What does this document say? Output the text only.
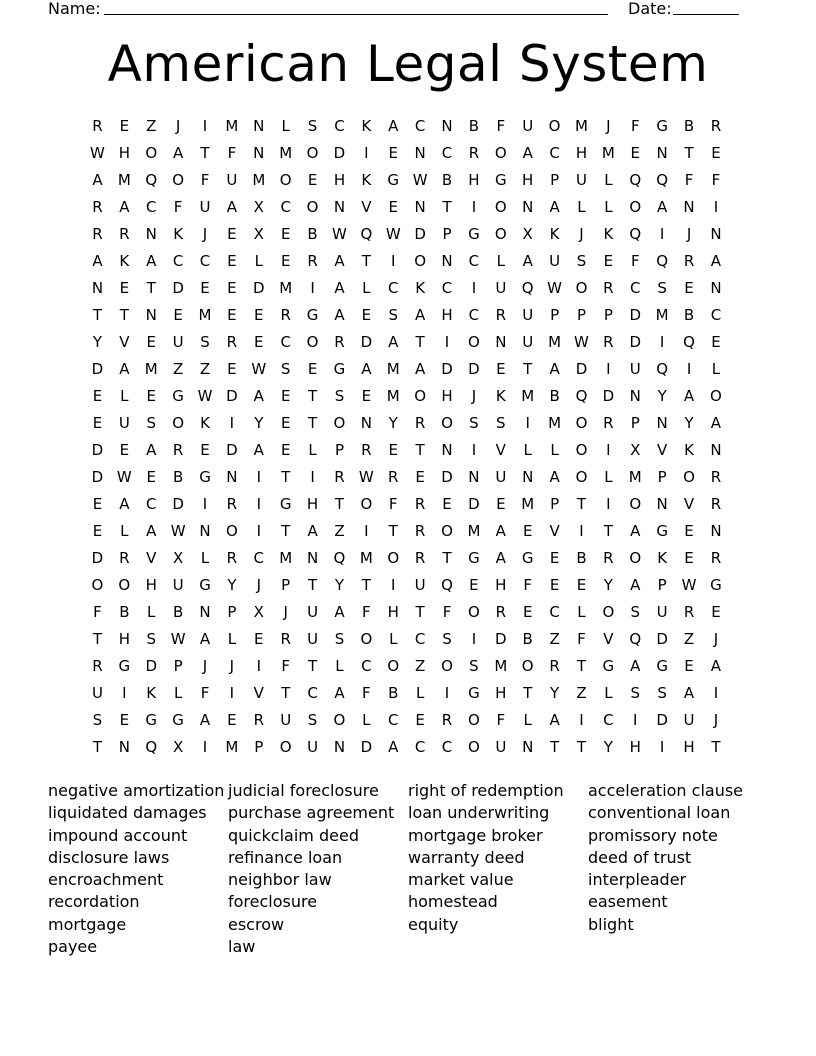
Name:	Date:
American Legal System
R	E	Z	J	I	M N	L	S	C	K	A	C	N	B	F	U	O M	J	F	G	B	R
W H	O	A	T	F	N M O	D	I	E	N	C	R	O	A	C	H M	E	N	T	E
A	M Q	O	F	U M O	E	H	K	G W B	H	G	H	P	U	L	Q	Q	F	F
R	A	C	F	U	A	X	C	O	N	V	E	N	T	I	O	N	A	L	L	O	A	N	I
R	R	N	K	J	E	X	E	B W Q W D	P	G	O	X	K	J	K	Q	I	J	N
A	K	A	C	C	E	L	E	R	A	T	I	O	N	C	L	A	U	S	E	F	Q	R	A
N	E	T	D	E	E	D M	I	A	L	C	K	C	I	U	Q W O	R	C	S	E	N
T	T	N	E	M	E	E	R	G	A	E	S	A	H	C	R	U	P	P	P	D M	B	C
Y	V	E	U	S	R	E	C	O	R	D	A	T	I	O	N	U M W R	D	I	Q	E
D	A	M	Z	Z	E W S	E	G	A	M	A	D	D	E	T	A	D	I	U	Q	I	L
E	L	E	G W D	A	E	T	S	E	M O	H	J	K	M	B	Q	D	N	Y	A	O
E	U	S	O	K	I	Y	E	T	O	N	Y	R	O	S	S	I	M O	R	P	N	Y	A
D	E	A	R	E	D	A	E	L	P	R	E	T	N	I	V	L	L	O	I	X	V	K	N
D W E	B	G	N	I	T	I	R W R	E	D	N	U	N	A	O	L	M	P	O	R
E	A	C	D	I	R	I	G	H	T	O	F	R	E	D	E	M	P	T	I	O	N	V	R
E	L	A W N	O	I	T	A	Z	I	T	R	O M	A	E	V	I	T	A	G	E	N
D	R	V	X	L	R	C	M N	Q M O	R	T	G	A	G	E	B	R	O	K	E	R
O	O	H	U	G	Y	J	P	T	Y	T	I	U	Q	E	H	F	E	E	Y	A	P W G
F	B	L	B	N	P	X	J	U	A	F	H	T	F	O	R	E	C	L	O	S	U	R	E
T	H	S W A	L	E	R	U	S	O	L	C	S	I	D	B	Z	F	V	Q	D	Z	J
R	G	D	P	J	J	I	F	T	L	C	O	Z	O	S	M O	R	T	G	A	G	E	A
U	I	K	L	F	I	V	T	C	A	F	B	L	I	G	H	T	Y	Z	L	S	S	A	I
S	E	G	G	A	E	R	U	S	O	L	C	E	R	O	F	L	A	I	C	I	D	U	J
T	N	Q	X	I	M	P	O	U	N	D	A	C	C	O	U	N	T	T	Y	H	I	H	T
negative amortization
liquidated damages
impound account
disclosure laws
encroachment
recordation
mortgage
payee
judicial foreclosure
purchase agreement
quickclaim deed
refinance loan
neighbor law
foreclosure
escrow
law
right of redemption
loan underwriting
mortgage broker
warranty deed
market value
homestead
equity
acceleration clause
conventional loan
promissory note
deed of trust
interpleader
easement
blight
